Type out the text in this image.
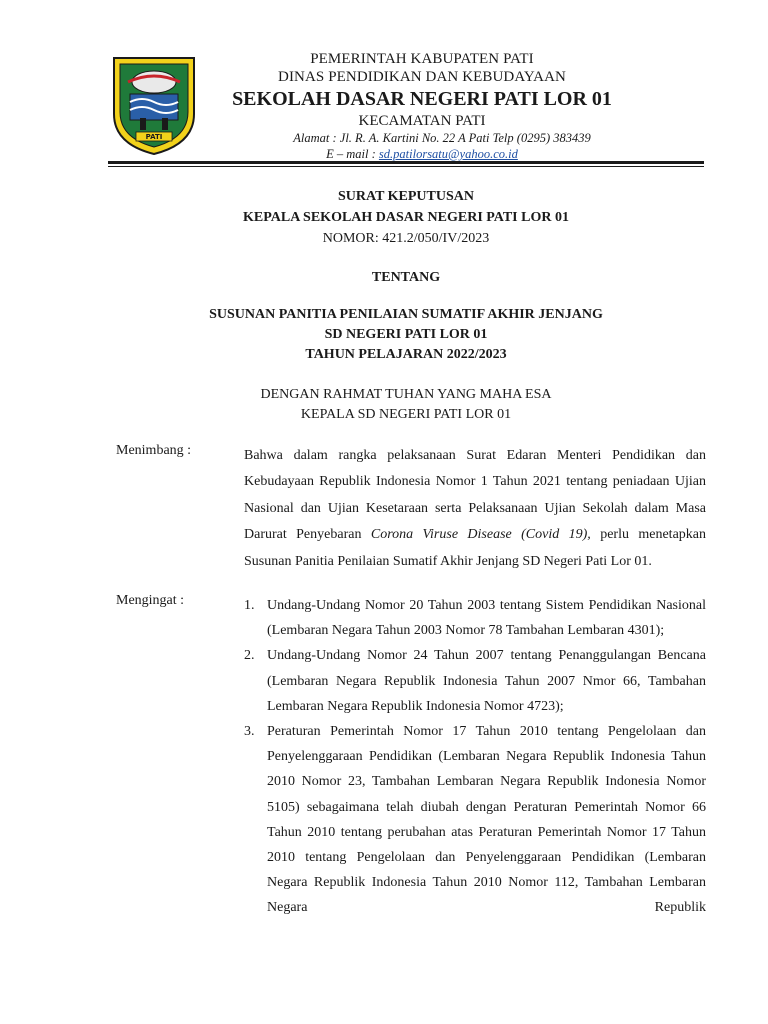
PATI
PEMERINTAH KABUPATEN PATI
DINAS PENDIDIKAN DAN KEBUDAYAAN
SEKOLAH DASAR NEGERI PATI LOR 01
KECAMATAN PATI
Alamat : Jl. R. A. Kartini No. 22 A Pati Telp (0295) 383439
E – mail : sd.patilorsatu@yahoo.co.id
SURAT KEPUTUSAN
KEPALA SEKOLAH DASAR NEGERI PATI LOR 01
NOMOR: 421.2/050/IV/2023
TENTANG
SUSUNAN PANITIA PENILAIAN SUMATIF AKHIR JENJANG
SD NEGERI PATI LOR 01
TAHUN PELAJARAN 2022/2023
DENGAN RAHMAT TUHAN YANG MAHA ESA
KEPALA SD NEGERI PATI LOR 01
Menimbang :	Bahwa dalam rangka pelaksanaan Surat Edaran Menteri Pendidikan dan Kebudayaan Republik Indonesia Nomor 1 Tahun 2021 tentang peniadaan Ujian Nasional dan Ujian Kesetaraan serta Pelaksanaan Ujian Sekolah dalam Masa Darurat Penyebaran Corona Viruse Disease (Covid 19), perlu menetapkan Susunan Panitia Penilaian Sumatif Akhir Jenjang SD Negeri Pati Lor 01.
Mengingat :	1. Undang-Undang Nomor 20 Tahun 2003 tentang Sistem Pendidikan Nasional (Lembaran Negara Tahun 2003 Nomor 78 Tambahan Lembaran 4301);
2. Undang-Undang Nomor 24 Tahun 2007 tentang Penanggulangan Bencana (Lembaran Negara Republik Indonesia Tahun 2007 Nmor 66, Tambahan Lembaran Negara Republik Indonesia Nomor 4723);
3. Peraturan Pemerintah Nomor 17 Tahun 2010 tentang Pengelolaan dan Penyelenggaraan Pendidikan (Lembaran Negara Republik Indonesia Tahun 2010 Nomor 23, Tambahan Lembaran Negara Republik Indonesia Nomor 5105) sebagaimana telah diubah dengan Peraturan Pemerintah Nomor 66 Tahun 2010 tentang perubahan atas Peraturan Pemerintah Nomor 17 Tahun 2010 tentang Pengelolaan dan Penyelenggaraan Pendidikan (Lembaran Negara Republik Indonesia Tahun 2010 Nomor 112, Tambahan Lembaran Negara Republik
